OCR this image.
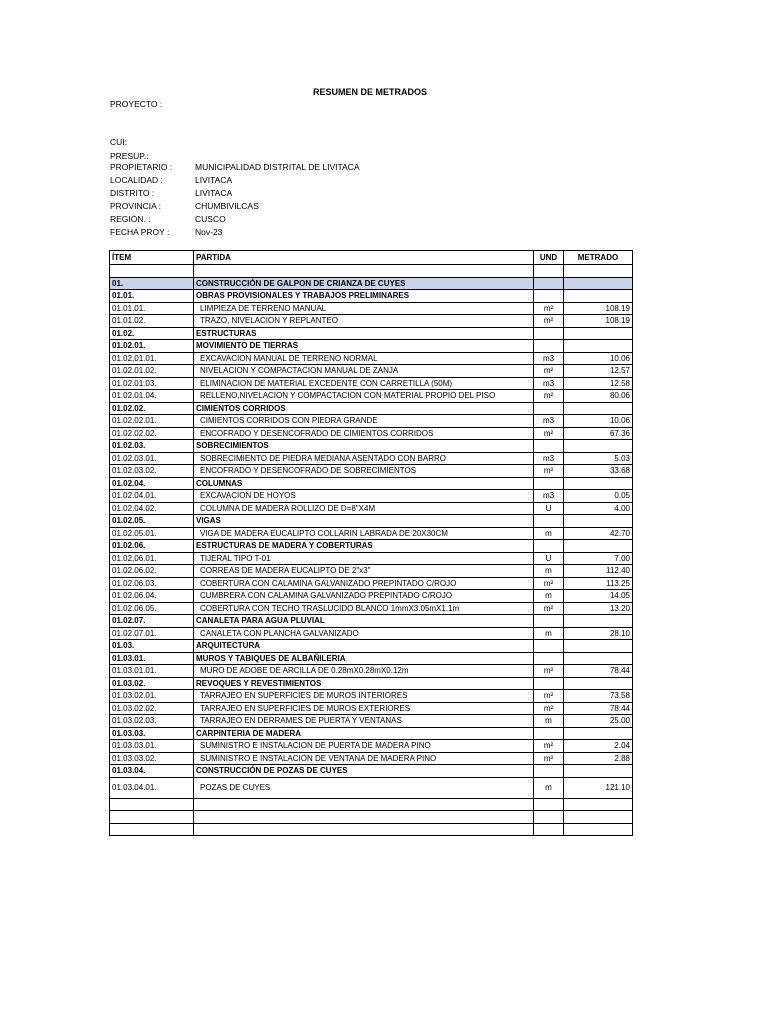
RESUMEN DE METRADOS
PROYECTO :
CUI:
PRESUP.:
PROPIETARIO :	MUNICIPALIDAD DISTRITAL DE LIVITACA
LOCALIDAD :	LIVITACA
DISTRITO :	LIVITACA
PROVINCIA :	CHUMBIVILCAS
REGIÓN. :	CUSCO
FECHA PROY :	Nov-23
ÍTEM	PARTIDA	UND	METRADO

01.	CONSTRUCCIÓN DE GALPON DE CRIANZA DE CUYES		
01.01.	OBRAS PROVISIONALES Y TRABAJOS PRELIMINARES		
01.01.01.	LIMPIEZA DE TERRENO MANUAL	m²	108.19
01.01.02.	TRAZO, NIVELACION Y REPLANTEO	m²	108.19
01.02.	ESTRUCTURAS		
01.02.01.	MOVIMIENTO DE TIERRAS		
01.02.01.01.	EXCAVACION MANUAL DE TERRENO NORMAL	m3	10.06
01.02.01.02.	NIVELACION Y COMPACTACION MANUAL DE ZANJA	m²	12.57
01.02.01.03.	ELIMINACION DE MATERIAL EXCEDENTE CON CARRETILLA (50M)	m3	12.58
01.02.01.04.	RELLENO,NIVELACION Y COMPACTACION CON MATERIAL PROPIO DEL PISO	m²	80.06
01.02.02.	CIMIENTOS CORRIDOS		
01.02.02.01.	CIMIENTOS CORRIDOS CON PIEDRA GRANDE	m3	10.06
01.02.02.02.	ENCOFRADO Y DESENCOFRADO DE CIMIENTOS CORRIDOS	m²	67.36
01.02.03.	SOBRECIMIENTOS		
01.02.03.01.	SOBRECIMIENTO DE PIEDRA MEDIANA ASENTADO CON BARRO	m3	5.03
01.02.03.02.	ENCOFRADO Y DESENCOFRADO DE SOBRECIMIENTOS	m²	33.68
01.02.04.	COLUMNAS		
01.02.04.01.	EXCAVACION DE HOYOS	m3	0.05
01.02.04.02.	COLUMNA DE MADERA ROLLIZO DE D=8"X4M	U	4.00
01.02.05.	VIGAS		
01.02.05.01.	VIGA DE MADERA EUCALIPTO COLLARIN LABRADA DE 20X30CM	m	42.70
01.02.06.	ESTRUCTURAS DE MADERA Y COBERTURAS		
01.02.06.01.	TIJERAL TIPO T-01	U	7.00
01.02.06.02.	CORREAS DE MADERA EUCALIPTO DE 2"x3"	m	112.40
01.02.06.03.	COBERTURA CON CALAMINA GALVANIZADO PREPINTADO C/ROJO	m²	113.25
01.02.06.04.	CUMBRERA CON CALAMINA GALVANIZADO PREPINTADO C/ROJO	m	14.05
01.02.06.05.	COBERTURA CON TECHO TRASLUCIDO BLANCO 1mmX3.05mX1.1m	m²	13.20
01.02.07.	CANALETA PARA AGUA PLUVIAL		
01.02.07.01.	CANALETA CON PLANCHA GALVANIZADO	m	28.10
01.03.	ARQUITECTURA		
01.03.01.	MUROS Y TABIQUES DE ALBAÑILERIA		
01.03.01.01.	MURO DE ADOBE DE ARCILLA DE 0.28mX0.28mX0.12m	m²	78.44
01.03.02.	REVOQUES Y REVESTIMIENTOS		
01.03.02.01.	TARRAJEO EN SUPERFICIES DE MUROS INTERIORES	m²	73.58
01.03.02.02.	TARRAJEO EN SUPERFICIES DE MUROS EXTERIORES	m²	78.44
01.03.02.03.	TARRAJEO EN DERRAMES DE PUERTA Y VENTANAS	m	25.00
01.03.03.	CARPINTERIA DE MADERA		
01.03.03.01.	SUMINISTRO E INSTALACION DE PUERTA DE MADERA PINO	m²	2.04
01.03.03.02.	SUMINISTRO E INSTALACION DE VENTANA DE MADERA PINO	m²	2.88
01.03.04.	CONSTRUCCIÓN DE POZAS DE CUYES		
01.03.04.01.	POZAS DE CUYES	m	121.10
